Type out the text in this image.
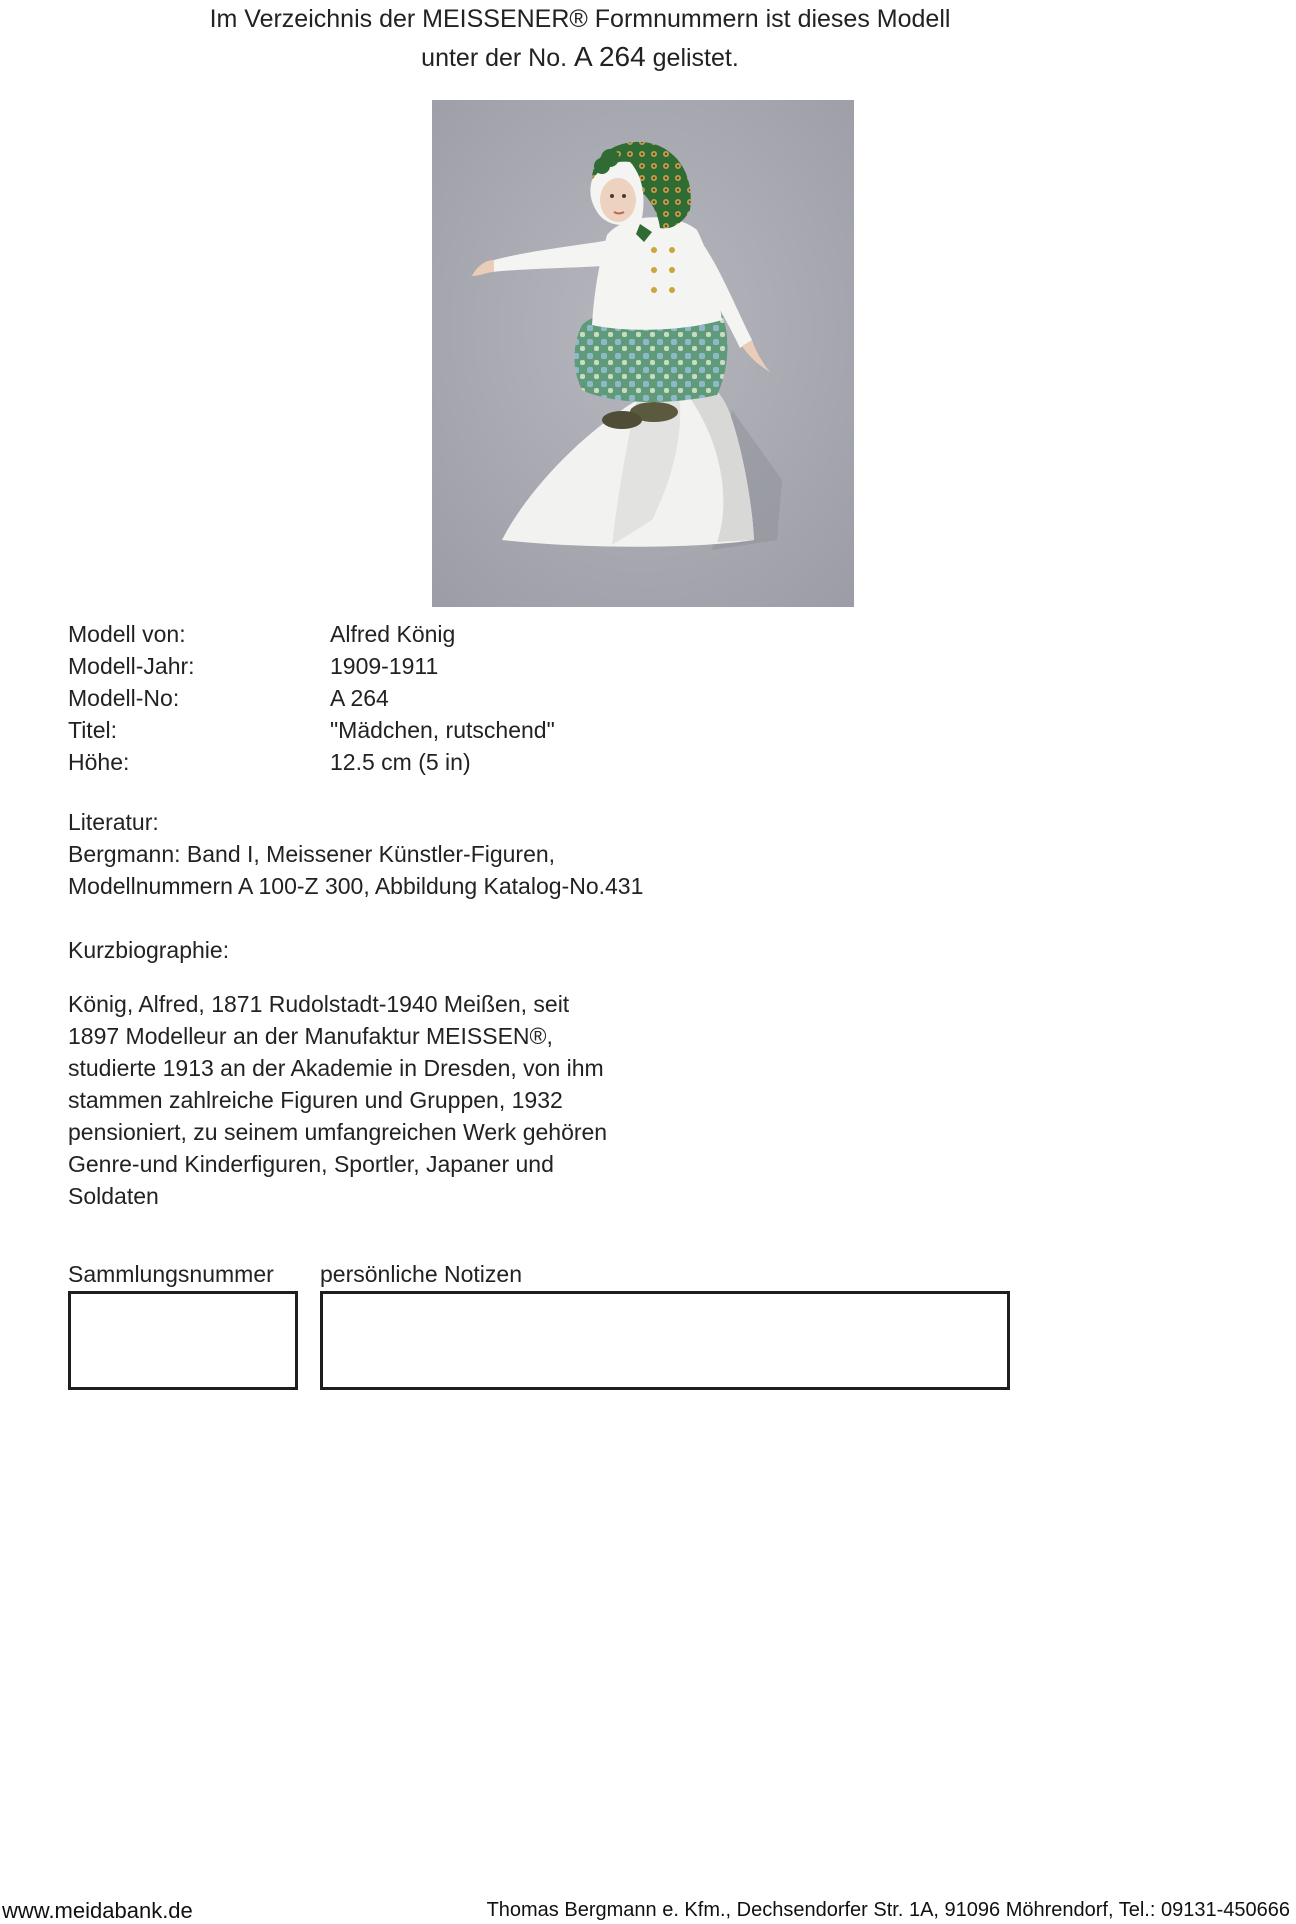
Im Verzeichnis der MEISSENER® Formnummern ist dieses Modell
unter der No. A 264 gelistet.
Modell von:	Alfred König
Modell-Jahr:	1909-1911
Modell-No:	A 264
Titel:	"Mädchen, rutschend"
Höhe:	12.5 cm (5 in)
Literatur:
Bergmann: Band I, Meissener Künstler-Figuren,
Modellnummern A 100-Z 300, Abbildung Katalog-No.431
Kurzbiographie:
König, Alfred, 1871 Rudolstadt-1940 Meißen, seit
1897 Modelleur an der Manufaktur MEISSEN®,
studierte 1913 an der Akademie in Dresden, von ihm
stammen zahlreiche Figuren und Gruppen, 1932
pensioniert, zu seinem umfangreichen Werk gehören
Genre-und Kinderfiguren, Sportler, Japaner und
Soldaten
Sammlungsnummer persönliche Notizen
www.meidabank.de	Thomas Bergmann e. Kfm., Dechsendorfer Str. 1A, 91096 Möhrendorf, Tel.: 09131-450666
